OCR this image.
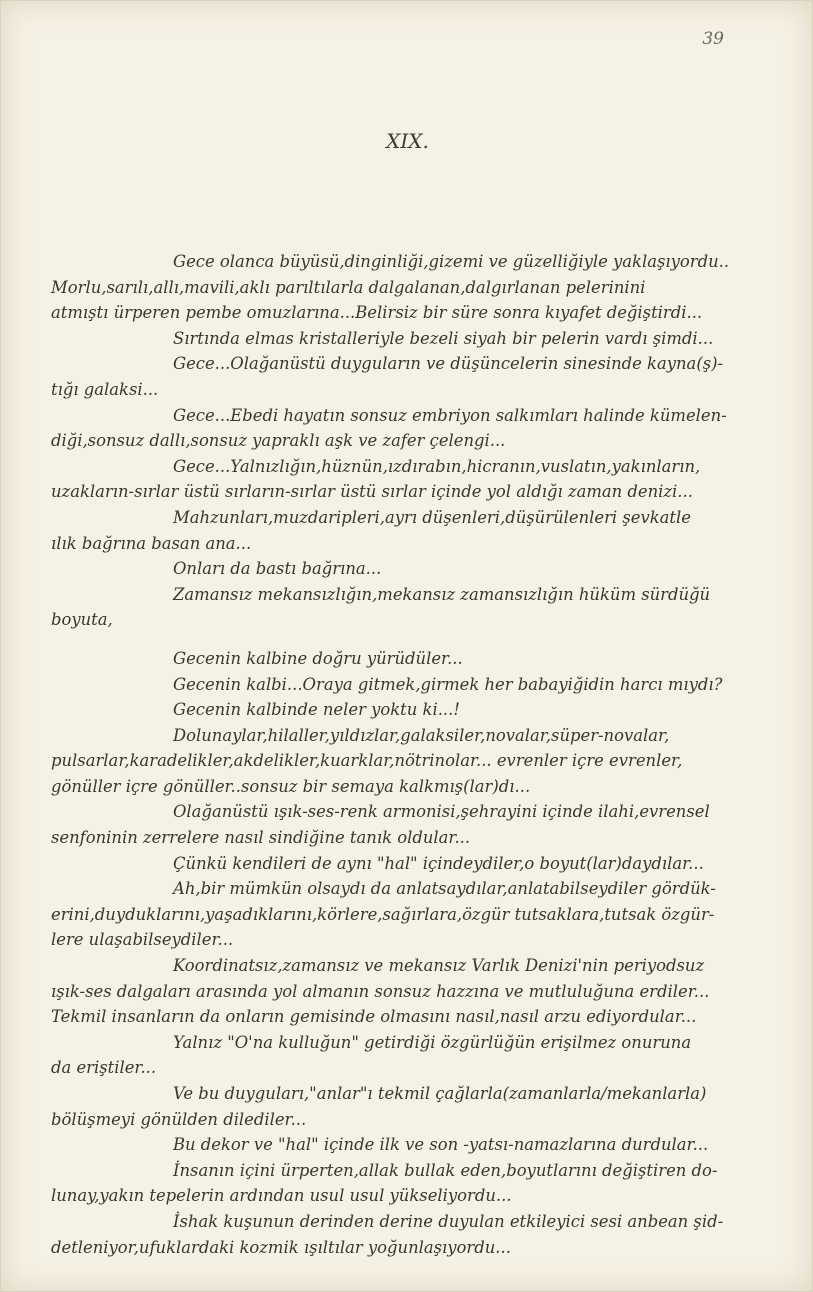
39
XIX.
Gece olanca büyüsü,dinginliği,gizemi ve güzelliğiyle yaklaşıyordu..
Morlu,sarılı,allı,mavili,aklı parıltılarla dalgalanan,dalgırlanan pelerinini
atmıştı ürperen pembe omuzlarına...Belirsiz bir süre sonra kıyafet değiştirdi...
Sırtında elmas kristalleriyle bezeli siyah bir pelerin vardı şimdi...
Gece...Olağanüstü duyguların ve düşüncelerin sinesinde kayna(ş)-
tığı galaksi...
Gece...Ebedi hayatın sonsuz embriyon salkımları halinde kümelen-
diği,sonsuz dallı,sonsuz yapraklı aşk ve zafer çelengi...
Gece...Yalnızlığın,hüznün,ızdırabın,hicranın,vuslatın,yakınların,
uzakların-sırlar üstü sırların-sırlar üstü sırlar içinde yol aldığı zaman denizi...
Mahzunları,muzdaripleri,ayrı düşenleri,düşürülenleri şevkatle
ılık bağrına basan ana...
Onları da bastı bağrına...
Zamansız mekansızlığın,mekansız zamansızlığın hüküm sürdüğü
boyuta,
Gecenin kalbine doğru yürüdüler...
Gecenin kalbi...Oraya gitmek,girmek her babayiğidin harcı mıydı?
Gecenin kalbinde neler yoktu ki...!
Dolunaylar,hilaller,yıldızlar,galaksiler,novalar,süper-novalar,
pulsarlar,karadelikler,akdelikler,kuarklar,nötrinolar... evrenler içre evrenler,
gönüller içre gönüller..sonsuz bir semaya kalkmış(lar)dı...
Olağanüstü ışık-ses-renk armonisi,şehrayini içinde ilahi,evrensel
senfoninin zerrelere nasıl sindiğine tanık oldular...
Çünkü kendileri de aynı "hal" içindeydiler,o boyut(lar)daydılar...
Ah,bir mümkün olsaydı da anlatsaydılar,anlatabilseydiler gördük-
erini,duyduklarını,yaşadıklarını,körlere,sağırlara,özgür tutsaklara,tutsak özgür-
lere ulaşabilseydiler...
Koordinatsız,zamansız ve mekansız Varlık Denizi'nin periyodsuz
ışık-ses dalgaları arasında yol almanın sonsuz hazzına ve mutluluğuna erdiler...
Tekmil insanların da onların gemisinde olmasını nasıl,nasıl arzu ediyordular...
Yalnız "O'na kulluğun" getirdiği özgürlüğün erişilmez onuruna
da eriştiler...
Ve bu duyguları,"anlar"ı tekmil çağlarla(zamanlarla/mekanlarla)
bölüşmeyi gönülden dilediler...
Bu dekor ve "hal" içinde ilk ve son -yatsı-namazlarına durdular...
İnsanın içini ürperten,allak bullak eden,boyutlarını değiştiren do-
lunay,yakın tepelerin ardından usul usul yükseliyordu...
İshak kuşunun derinden derine duyulan etkileyici sesi anbean şid-
detleniyor,ufuklardaki kozmik ışıltılar yoğunlaşıyordu...
